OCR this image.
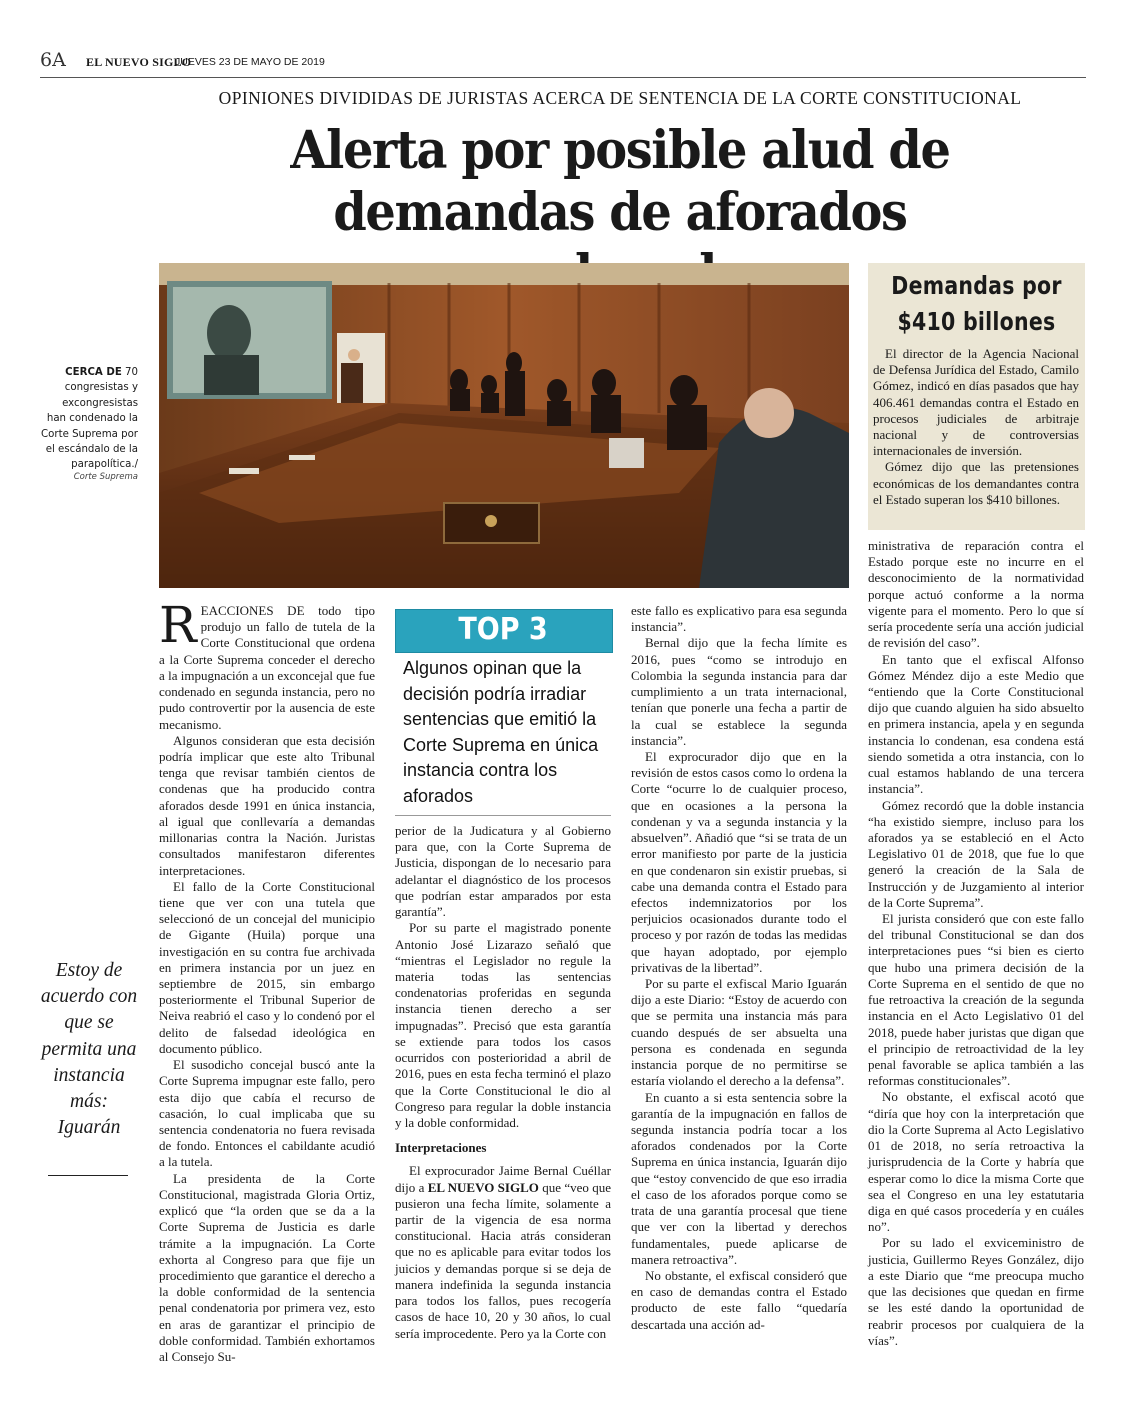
6A EL NUEVO SIGLO
JUEVES 23 DE MAYO DE 2019
OPINIONES DIVIDIDAS DE JURISTAS ACERCA DE SENTENCIA DE LA CORTE CONSTITUCIONAL
Alerta por posible alud de
demandas de aforados
CERCA DE 70 congresistas y excongresistas han condenado la Corte Suprema por el escándalo de la parapolítica./
Corte Suprema
Demandas por
$410 billones

El director de la Agencia Nacional de Defensa Jurídica del Estado, Camilo Gómez, indicó en días pasados que hay 406.461 demandas contra el Estado en procesos judiciales de arbitraje nacional y de controversias internacionales de inversión.

Gómez dijo que las pretensiones económicas de los demandantes contra el Estado superan los $410 billones.

Estoy de acuerdo con que se permita una instancia más: Iguarán

REACCIONES DE todo tipo produjo un fallo de tutela de la Corte Constitucional que ordena a la Corte Suprema conceder el derecho a la impugnación a un exconcejal que fue condenado en segunda instancia, pero no pudo controvertir por la ausencia de este mecanismo.

Algunos consideran que esta decisión podría implicar que este alto Tribunal tenga que revisar también cientos de condenas que ha producido contra aforados desde 1991 en única instancia, al igual que conllevaría a demandas millonarias contra la Nación. Juristas consultados manifestaron diferentes interpretaciones.

El fallo de la Corte Constitucional tiene que ver con una tutela que seleccionó de un concejal del municipio de Gigante (Huila) porque una investigación en su contra fue archivada en primera instancia por un juez en septiembre de 2015, sin embargo posteriormente el Tribunal Superior de Neiva reabrió el caso y lo condenó por el delito de falsedad ideológica en documento público.

El susodicho concejal buscó ante la Corte Suprema impugnar este fallo, pero esta dijo que cabía el recurso de casación, lo cual implicaba que su sentencia condenatoria no fuera revisada de fondo. Entonces el cabildante acudió a la tutela.

La presidenta de la Corte Constitucional, magistrada Gloria Ortiz, explicó que “la orden que se da a la Corte Suprema de Justicia es darle trámite a la impugnación. La Corte exhorta al Congreso para que fije un procedimiento que garantice el derecho a la doble conformidad de la sentencia penal condenatoria por primera vez, esto en aras de garantizar el principio de doble conformidad. También exhortamos al Consejo Su-

TOP 3
Algunos opinan que la decisión podría irradiar sentencias que emitió la Corte Suprema en única instancia contra los aforados

perior de la Judicatura y al Gobierno para que, con la Corte Suprema de Justicia, dispongan de lo necesario para adelantar el diagnóstico de los procesos que podrían estar amparados por esta garantía”.

Por su parte el magistrado ponente Antonio José Lizarazo señaló que “mientras el Legislador no regule la materia todas las sentencias condenatorias proferidas en segunda instancia tienen derecho a ser impugnadas”. Precisó que esta garantía se extiende para todos los casos ocurridos con posterioridad a abril de 2016, pues en esta fecha terminó el plazo que la Corte Constitucional le dio al Congreso para regular la doble instancia y la doble conformidad.

Interpretaciones

El exprocurador Jaime Bernal Cuéllar dijo a EL NUEVO SIGLO que “veo que pusieron una fecha límite, solamente a partir de la vigencia de esa norma constitucional. Hacia atrás consideran que no es aplicable para evitar todos los juicios y demandas porque si se deja de manera indefinida la segunda instancia para todos los fallos, pues recogería casos de hace 10, 20 y 30 años, lo cual sería improcedente. Pero ya la Corte con

este fallo es explicativo para esa segunda instancia”.

Bernal dijo que la fecha límite es 2016, pues “como se introdujo en Colombia la segunda instancia para dar cumplimiento a un trata internacional, tenían que ponerle una fecha a partir de la cual se establece la segunda instancia”.

El exprocurador dijo que en la revisión de estos casos como lo ordena la Corte “ocurre lo de cualquier proceso, que en ocasiones a la persona la condenan y va a segunda instancia y la absuelven”. Añadió que “si se trata de un error manifiesto por parte de la justicia en que condenaron sin existir pruebas, si cabe una demanda contra el Estado para efectos indemnizatorios por los perjuicios ocasionados durante todo el proceso y por razón de todas las medidas que hayan adoptado, por ejemplo privativas de la libertad”.

Por su parte el exfiscal Mario Iguarán dijo a este Diario: “Estoy de acuerdo con que se permita una instancia más para cuando después de ser absuelta una persona es condenada en segunda instancia porque de no permitirse se estaría violando el derecho a la defensa”.

En cuanto a si esta sentencia sobre la garantía de la impugnación en fallos de segunda instancia podría tocar a los aforados condenados por la Corte Suprema en única instancia, Iguarán dijo que “estoy convencido de que eso irradia el caso de los aforados porque como se trata de una garantía procesal que tiene que ver con la libertad y derechos fundamentales, puede aplicarse de manera retroactiva”.

No obstante, el exfiscal consideró que en caso de demandas contra el Estado producto de este fallo “quedaría descartada una acción ad-

ministrativa de reparación contra el Estado porque este no incurre en el desconocimiento de la normatividad porque actuó conforme a la norma vigente para el momento. Pero lo que sí sería procedente sería una acción judicial de revisión del caso”.

En tanto que el exfiscal Alfonso Gómez Méndez dijo a este Medio que “entiendo que la Corte Constitucional dijo que cuando alguien ha sido absuelto en primera instancia, apela y en segunda instancia lo condenan, esa condena está siendo sometida a otra instancia, con lo cual estamos hablando de una tercera instancia”.

Gómez recordó que la doble instancia “ha existido siempre, incluso para los aforados ya se estableció en el Acto Legislativo 01 de 2018, que fue lo que generó la creación de la Sala de Instrucción y de Juzgamiento al interior de la Corte Suprema”.

El jurista consideró que con este fallo del tribunal Constitucional se dan dos interpretaciones pues “si bien es cierto que hubo una primera decisión de la Corte Suprema en el sentido de que no fue retroactiva la creación de la segunda instancia en el Acto Legislativo 01 del 2018, puede haber juristas que digan que el principio de retroactividad de la ley penal favorable se aplica también a las reformas constitucionales”.

No obstante, el exfiscal acotó que “diría que hoy con la interpretación que dio la Corte Suprema al Acto Legislativo 01 de 2018, no sería retroactiva la jurisprudencia de la Corte y habría que esperar como lo dice la misma Corte que sea el Congreso en una ley estatutaria diga en qué casos procedería y en cuáles no”.

Por su lado el exviceministro de justicia, Guillermo Reyes González, dijo a este Diario que “me preocupa mucho que las decisiones que quedan en firme se les esté dando la oportunidad de reabrir procesos por cualquiera de la vías”.
